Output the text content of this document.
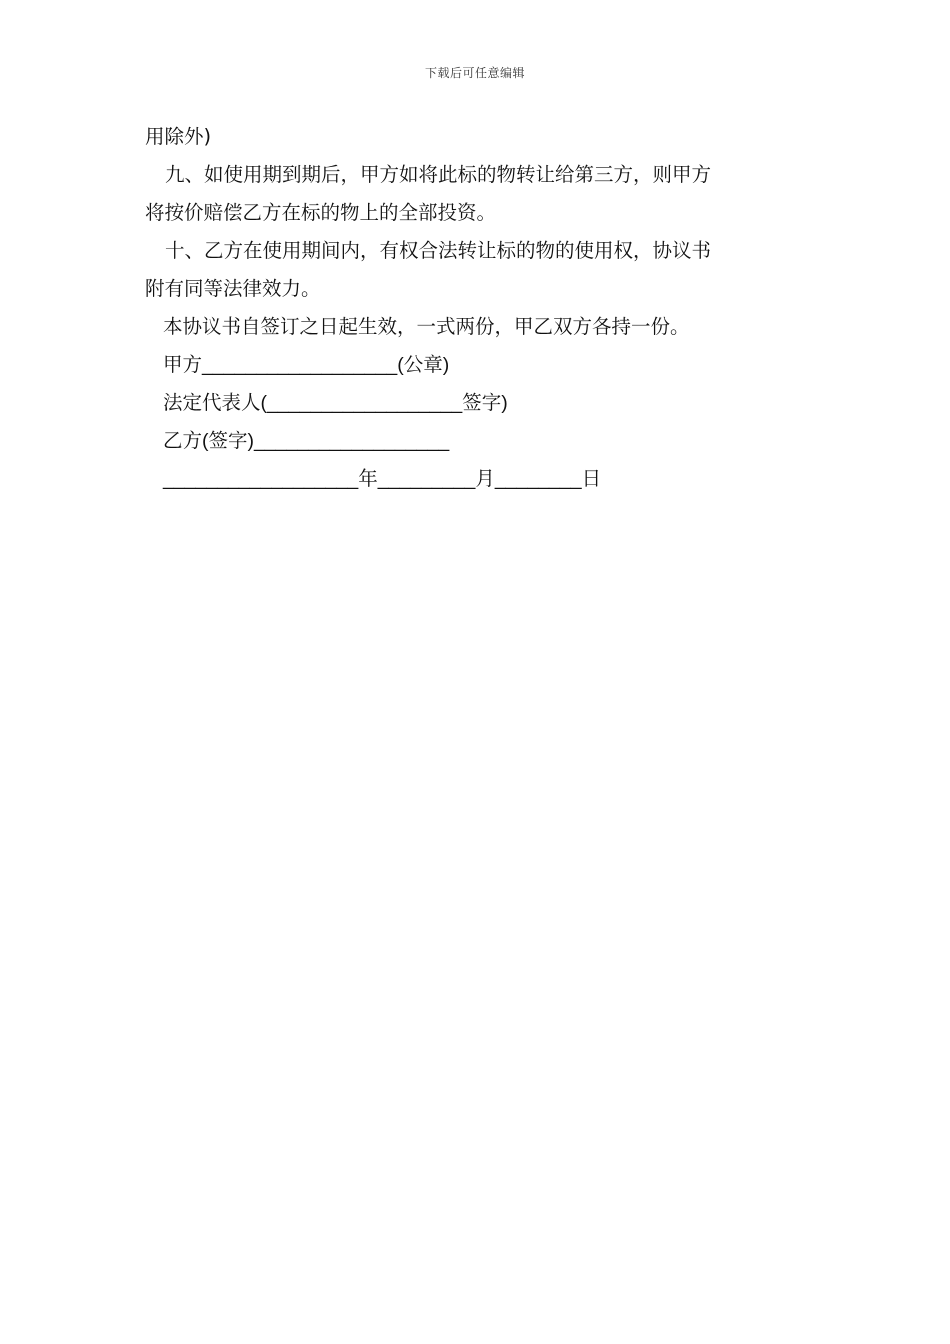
下载后可任意编辑
用除外)
九、如使用期到期后，甲方如将此标的物转让给第三方，则甲方
将按价赔偿乙方在标的物上的全部投资。
十、乙方在使用期间内，有权合法转让标的物的使用权，协议书
附有同等法律效力。
本协议书自签订之日起生效，一式两份，甲乙双方各持一份。
甲方__________________(公章)
法定代表人(__________________签字)
乙方(签字)__________________
__________________年_________月________日
